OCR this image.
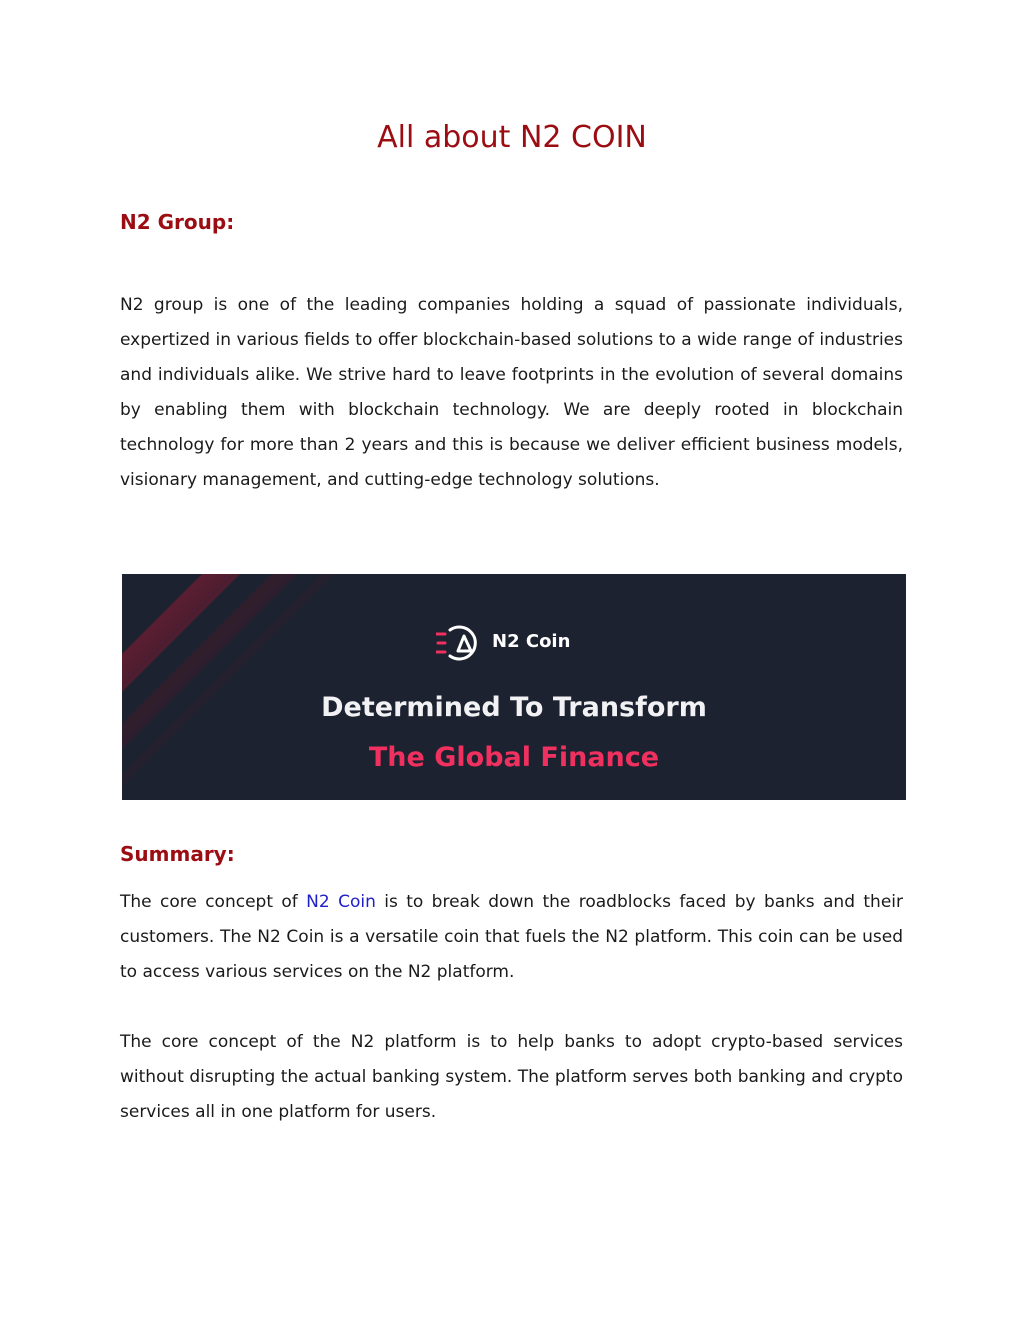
All about N2 COIN
N2 Group:

N2 group is one of the leading companies holding a squad of passionate individuals, expertized in various fields to offer blockchain-based solutions to a wide range of industries and individuals alike. We strive hard to leave footprints in the evolution of several domains by enabling them with blockchain technology. We are deeply rooted in blockchain technology for more than 2 years and this is because we deliver efficient business models, visionary management, and cutting-edge technology solutions.

N2 Coin
Determined To Transform
The Global Finance
Summary:

The core concept of N2 Coin is to break down the roadblocks faced by banks and their customers. The N2 Coin is a versatile coin that fuels the N2 platform. This coin can be used to access various services on the N2 platform.

The core concept of the N2 platform is to help banks to adopt crypto-based services without disrupting the actual banking system. The platform serves both banking and crypto services all in one platform for users.
